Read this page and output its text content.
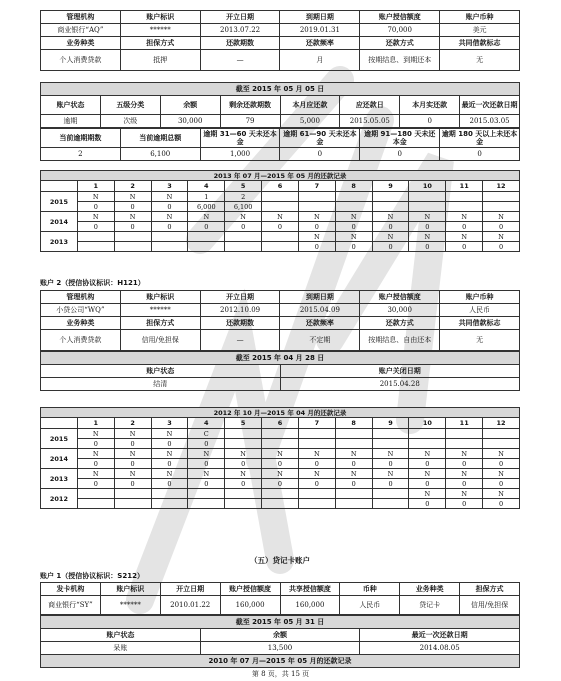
管理机构	账户标识	开立日期	到期日期	账户授信额度	账户币种
商业银行“AQ”	******	2013.07.22	2019.01.31	70,000	美元
业务种类	担保方式	还款期数	还款频率	还款方式	共同借款标志
个人消费贷款	抵押	—	月	按期结息、到期还本	无
截至 2015 年 05 月 05 日							
账户状态	五级分类	余额	剩余还款期数	本月应还款	应还款日	本月实还款	最近一次还款日期
逾期	次级	30,000	79	5,000	2015.05.05	0	2015.03.05
当前逾期期数	当前逾期总额	逾期 31—60 天未还本金	逾期 61—90 天未还本金	逾期 91—180 天未还本金	逾期 180 天以上未还本金
2	6,100	1,000	0	0	0
2013 年 07 月—2015 年 05 月的还款记录												
	1	2	3	4	5	6	7	8	9	10	11	12
2015	N	N	N	1	2							
	0	0	0	6,000	6,100							
2014	N	N	N	N	N	N	N	N	N	N	N	N
	0	0	0	0	0	0	0	0	0	0	0	0
2013							N	N	N	N	N	N
							0	0	0	0	0	0
账户 2（授信协议标识：H121）
管理机构	账户标识	开立日期	到期日期	账户授信额度	账户币种
小贷公司“WQ”	******	2012.10.09	2015.04.09	30,000	人民币
业务种类	担保方式	还款期数	还款频率	还款方式	共同借款标志
个人消费贷款	信用/免担保	—	不定期	按期结息、自由还本	无
截至 2015 年 04 月 28 日	
账户状态	账户关闭日期
结清	2015.04.28
2012 年 10 月—2015 年 04 月的还款记录												
	1	2	3	4	5	6	7	8	9	10	11	12
2015	N	N	N	C								
	0	0	0	0								
2014	N	N	N	N	N	N	N	N	N	N	N	N
	0	0	0	0	0	0	0	0	0	0	0	0
2013	N	N	N	N	N	N	N	N	N	N	N	N
	0	0	0	0	0	0	0	0	0	0	0	0
2012										N	N	N
										0	0	0
（五）贷记卡账户
账户 1（授信协议标识：S212）
发卡机构	账户标识	开立日期	账户授信额度	共享授信额度	币种	业务种类	担保方式
商业银行“SY”	******	2010.01.22	160,000	160,000	人民币	贷记卡	信用/免担保
截至 2015 年 05 月 31 日		
账户状态	余额	最近一次还款日期
呆账	13,500	2014.08.05
2010 年 07 月—2015 年 05 月的还款记录		
第 8 页，共 15 页
